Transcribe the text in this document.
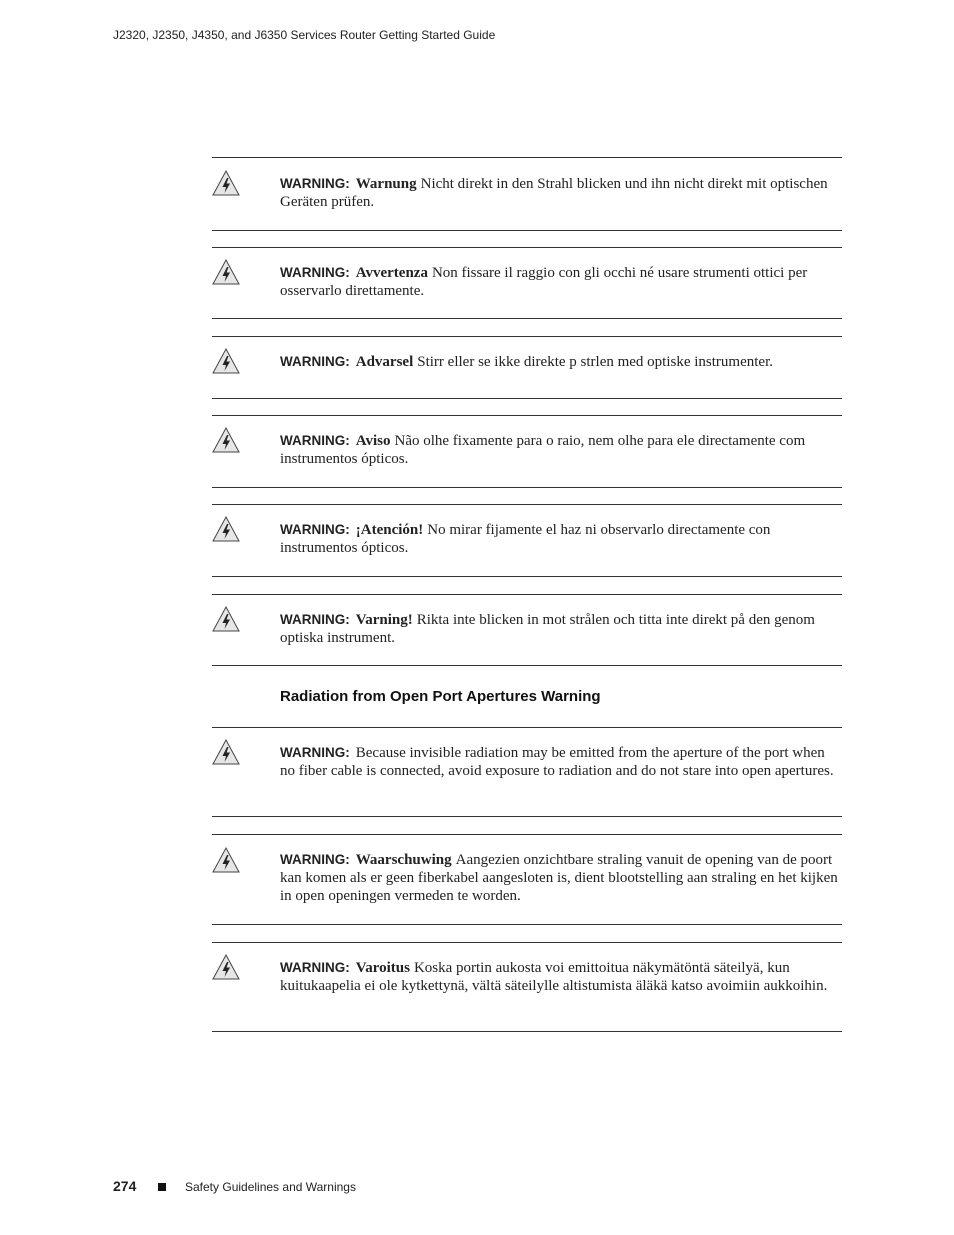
J2320, J2350, J4350, and J6350 Services Router Getting Started Guide
WARNING: Warnung Nicht direkt in den Strahl blicken und ihn nicht direkt mit optischen Geräten prüfen.
WARNING: Avvertenza Non fissare il raggio con gli occhi né usare strumenti ottici per osservarlo direttamente.
WARNING: Advarsel Stirr eller se ikke direkte p strlen med optiske instrumenter.
WARNING: Aviso Não olhe fixamente para o raio, nem olhe para ele directamente com instrumentos ópticos.
WARNING: ¡Atención! No mirar fijamente el haz ni observarlo directamente con instrumentos ópticos.
WARNING: Varning! Rikta inte blicken in mot strålen och titta inte direkt på den genom optiska instrument.
Radiation from Open Port Apertures Warning
WARNING: Because invisible radiation may be emitted from the aperture of the port when no fiber cable is connected, avoid exposure to radiation and do not stare into open apertures.
WARNING: Waarschuwing Aangezien onzichtbare straling vanuit de opening van de poort kan komen als er geen fiberkabel aangesloten is, dient blootstelling aan straling en het kijken in open openingen vermeden te worden.
WARNING: Varoitus Koska portin aukosta voi emittoitua näkymätöntä säteilyä, kun kuitukaapelia ei ole kytkettynä, vältä säteilylle altistumista äläkä katso avoimiin aukkoihin.
274	Safety Guidelines and Warnings
